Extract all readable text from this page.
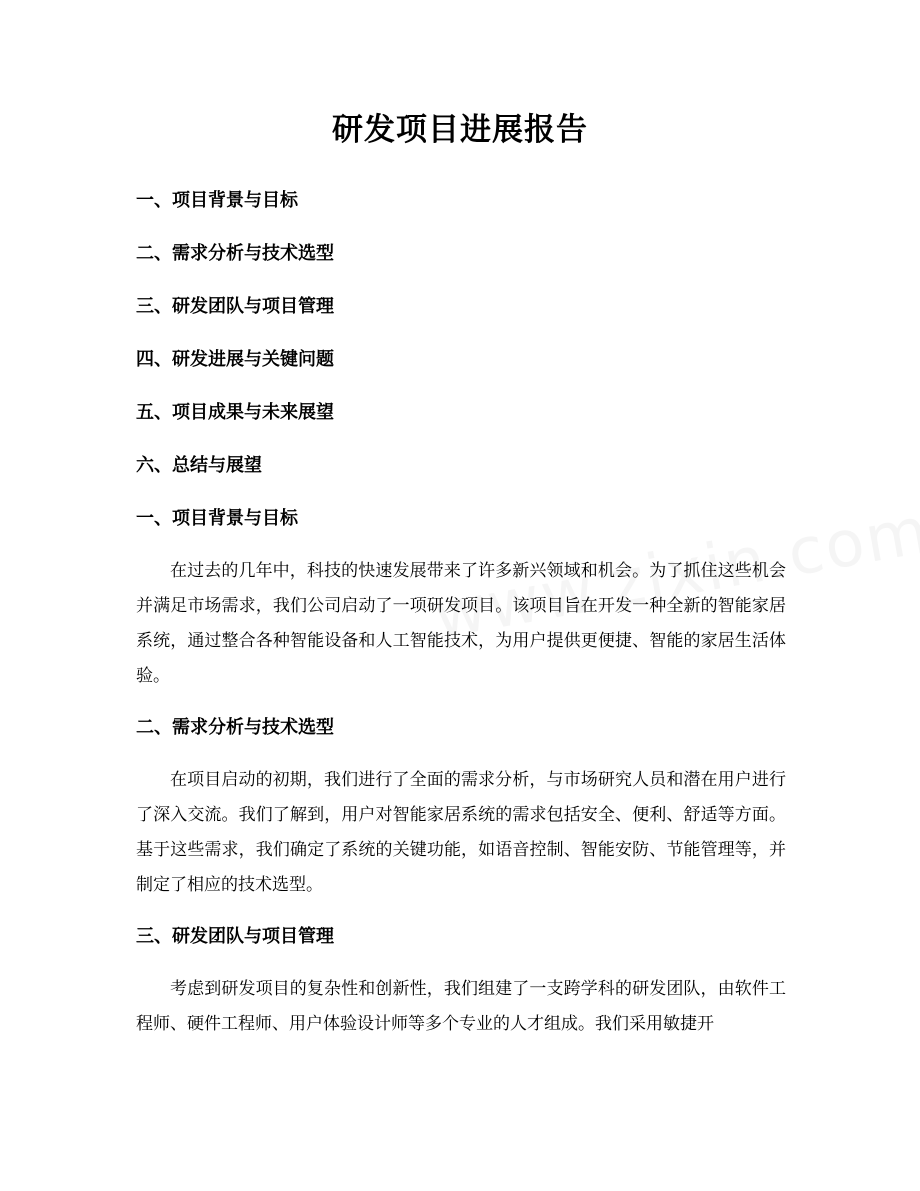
研发项目进展报告
一、项目背景与目标
二、需求分析与技术选型
三、研发团队与项目管理
四、研发进展与关键问题
五、项目成果与未来展望
六、总结与展望
一、项目背景与目标

在过去的几年中，科技的快速发展带来了许多新兴领域和机会。为了抓住这些机会并满足市场需求，我们公司启动了一项研发项目。该项目旨在开发一种全新的智能家居系统，通过整合各种智能设备和人工智能技术，为用户提供更便捷、智能的家居生活体验。

二、需求分析与技术选型

在项目启动的初期，我们进行了全面的需求分析，与市场研究人员和潜在用户进行了深入交流。我们了解到，用户对智能家居系统的需求包括安全、便利、舒适等方面。基于这些需求，我们确定了系统的关键功能，如语音控制、智能安防、节能管理等，并制定了相应的技术选型。

三、研发团队与项目管理

考虑到研发项目的复杂性和创新性，我们组建了一支跨学科的研发团队，由软件工程师、硬件工程师、用户体验设计师等多个专业的人才组成。我们采用敏捷开
